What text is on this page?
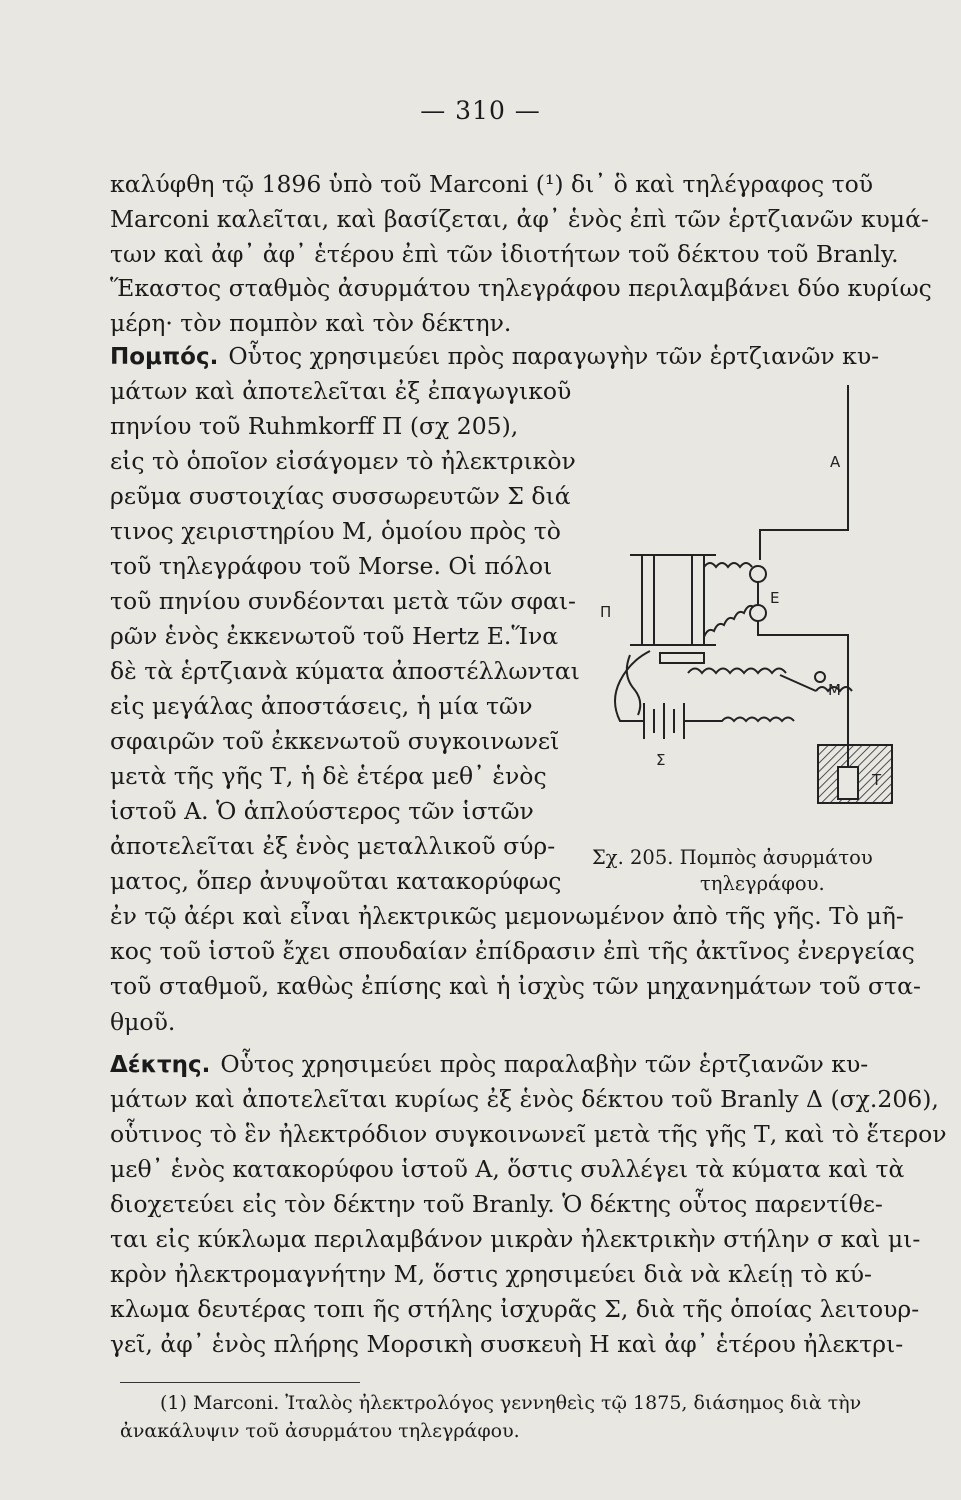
— 310 —
καλύφθη τῷ 1896 ὑπὸ τοῦ Marconi (¹) δι᾽ ὃ καὶ τηλέγραφος τοῦ
Marconi καλεῖται, καὶ βασίζεται, ἀφ᾽ ἑνὸς ἐπὶ τῶν ἑρτζιανῶν κυμά-
των καὶ ἀφ᾽ ἀφ᾽ ἑτέρου ἐπὶ τῶν ἰδιοτήτων τοῦ δέκτου τοῦ Branly.
Ἕκαστος σταθμὸς ἀσυρμάτου τηλεγράφου περιλαμβάνει δύο κυρίως
μέρη· τὸν πομπὸν καὶ τὸν δέκτην.
Πομπός. Οὗτος χρησιμεύει πρὸς παραγωγὴν τῶν ἑρτζιανῶν κυ-
μάτων καὶ ἀποτελεῖται ἐξ ἐπαγωγικοῦ
πηνίου τοῦ Ruhmkorff Π (σχ 205),
εἰς τὸ ὁποῖον εἰσάγομεν τὸ ἠλεκτρικὸν
ρεῦμα συστοιχίας συσσωρευτῶν Σ διά
τινος χειριστηρίου Μ, ὁμοίου πρὸς τὸ
τοῦ τηλεγράφου τοῦ Morse. Οἱ πόλοι
τοῦ πηνίου συνδέονται μετὰ τῶν σφαι-
ρῶν ἑνὸς ἐκκενωτοῦ τοῦ Hertz E.Ἵνα
δὲ τὰ ἑρτζιανὰ κύματα ἀποστέλλωνται
εἰς μεγάλας ἀποστάσεις, ἡ μία τῶν
σφαιρῶν τοῦ ἐκκενωτοῦ συγκοινωνεῖ
μετὰ τῆς γῆς Τ, ἡ δὲ ἑτέρα μεθ᾽ ἑνὸς
ἱστοῦ Α. Ὁ ἁπλούστερος τῶν ἱστῶν
ἀποτελεῖται ἐξ ἑνὸς μεταλλικοῦ σύρ-
ματος, ὅπερ ἀνυψοῦται κατακορύφως
A
E
Π
M
Σ
T
Σχ. 205. Πομπὸς ἀσυρμάτου
τηλεγράφου.
ἐν τῷ ἀέρι καὶ εἶναι ἠλεκτρικῶς μεμονωμένον ἀπὸ τῆς γῆς. Τὸ μῆ-
κος τοῦ ἱστοῦ ἔχει σπουδαίαν ἐπίδρασιν ἐπὶ τῆς ἀκτῖνος ἐνεργείας
τοῦ σταθμοῦ, καθὼς ἐπίσης καὶ ἡ ἰσχὺς τῶν μηχανημάτων τοῦ στα-
θμοῦ.
Δέκτης. Οὗτος χρησιμεύει πρὸς παραλαβὴν τῶν ἑρτζιανῶν κυ-
μάτων καὶ ἀποτελεῖται κυρίως ἐξ ἑνὸς δέκτου τοῦ Branly Δ (σχ.206),
οὗτινος τὸ ἓν ἠλεκτρόδιον συγκοινωνεῖ μετὰ τῆς γῆς Τ, καὶ τὸ ἕτερον
μεθ᾽ ἑνὸς κατακορύφου ἱστοῦ Α, ὅστις συλλέγει τὰ κύματα καὶ τὰ
διοχετεύει εἰς τὸν δέκτην τοῦ Branly. Ὁ δέκτης οὗτος παρεντίθε-
ται εἰς κύκλωμα περιλαμβάνον μικρὰν ἠλεκτρικὴν στήλην σ καὶ μι-
κρὸν ἠλεκτρομαγνήτην Μ, ὅστις χρησιμεύει διὰ νὰ κλείῃ τὸ κύ-
κλωμα δευτέρας τοπι ῆς στήλης ἰσχυρᾶς Σ, διὰ τῆς ὁποίας λειτουρ-
γεῖ, ἀφ᾽ ἑνὸς πλήρης Μορσικὴ συσκευὴ Η καὶ ἀφ᾽ ἑτέρου ἠλεκτρι-
(1) Marconi. Ἰταλὸς ἠλεκτρολόγος γεννηθεὶς τῷ 1875, διάσημος διὰ τὴν
ἀνακάλυψιν τοῦ ἀσυρμάτου τηλεγράφου.
